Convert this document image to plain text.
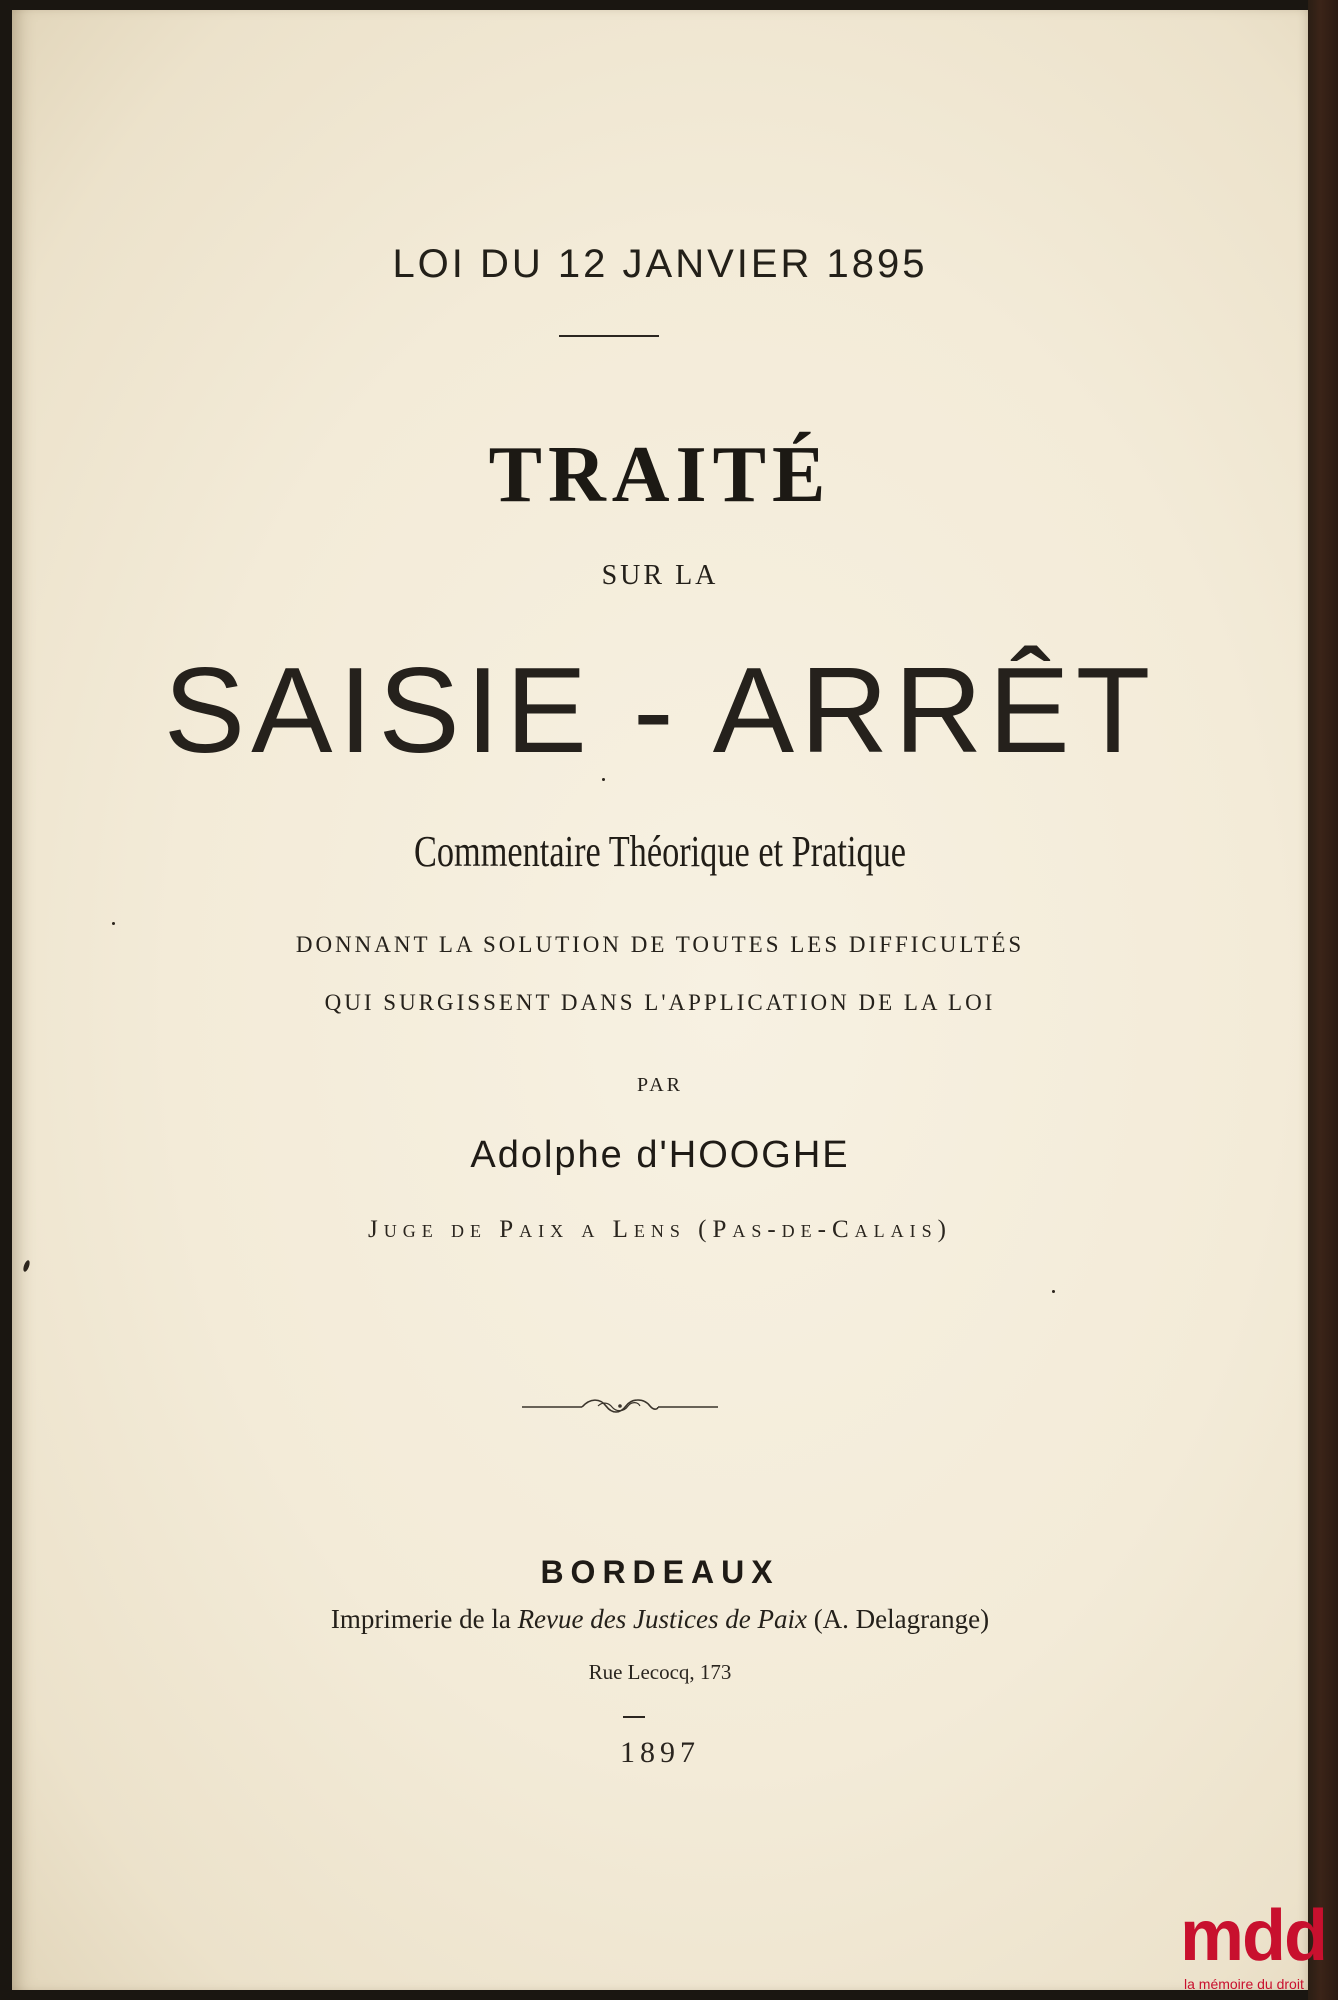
LOI DU 12 JANVIER 1895
TRAITÉ
SUR LA
SAISIE - ARRÊT
Commentaire Théorique et Pratique
DONNANT LA SOLUTION DE TOUTES LES DIFFICULTÉS
QUI SURGISSENT DANS L'APPLICATION DE LA LOI
PAR
Adolphe d'HOOGHE
Juge de Paix a Lens (Pas-de-Calais)
BORDEAUX
Imprimerie de la Revue des Justices de Paix (A. Delagrange)
Rue Lecocq, 173
1897
mdd
la mémoire du droit
